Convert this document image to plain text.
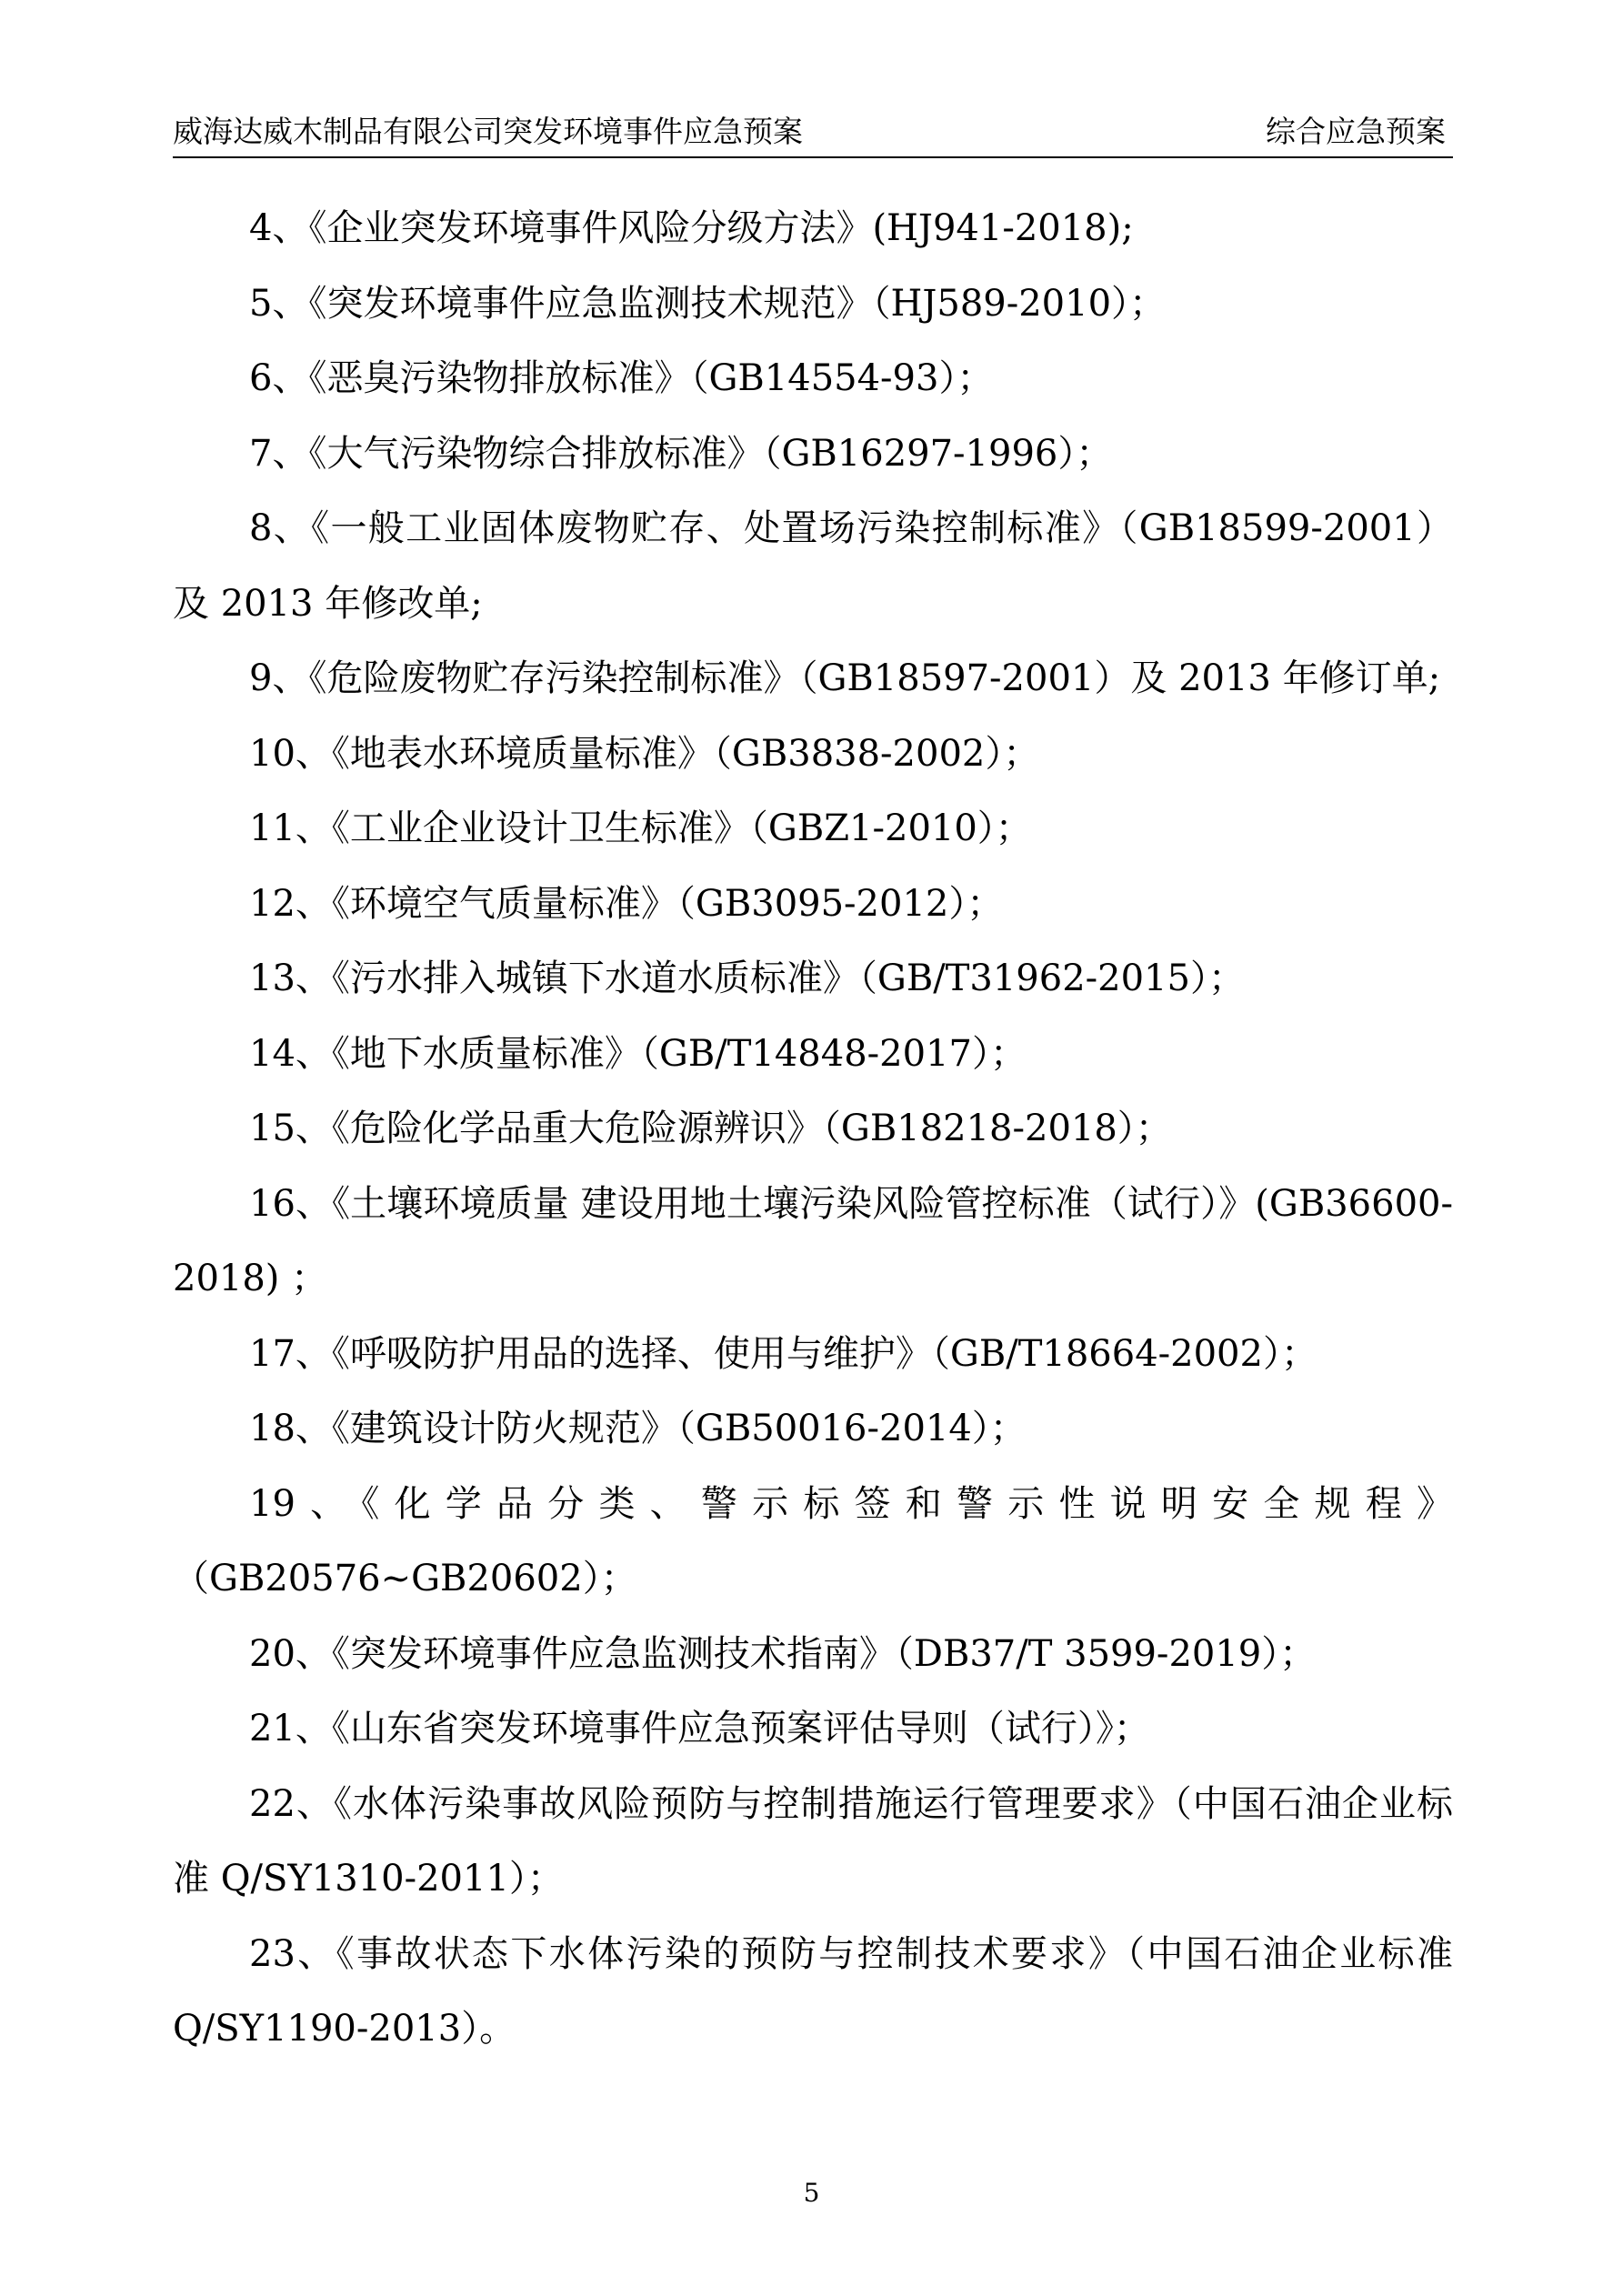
威海达威木制品有限公司突发环境事件应急预案	综合应急预案
4、《企业突发环境事件风险分级方法》(HJ941-2018);
5、《突发环境事件应急监测技术规范》（HJ589-2010）；
6、《恶臭污染物排放标准》（GB14554-93）；
7、《大气污染物综合排放标准》（GB16297-1996）；
8、《一般工业固体废物贮存、处置场污染控制标准》（GB18599-2001）及 2013 年修改单;
9、《危险废物贮存污染控制标准》（GB18597-2001）及 2013 年修订单;
10、《地表水环境质量标准》（GB3838-2002）；
11、《工业企业设计卫生标准》（GBZ1-2010）；
12、《环境空气质量标准》（GB3095-2012）；
13、《污水排入城镇下水道水质标准》（GB/T31962-2015）；
14、《地下水质量标准》（GB/T14848-2017）；
15、《危险化学品重大危险源辨识》（GB18218-2018）；
16、《土壤环境质量 建设用地土壤污染风险管控标准（试行）》(GB36600-2018) ；
17、《呼吸防护用品的选择、使用与维护》（GB/T18664-2002）；
18、《建筑设计防火规范》（GB50016-2014）；
19、《化学品分类、警示标签和警示性说明安全规程》（GB20576~GB20602）；
20、《突发环境事件应急监测技术指南》（DB37/T 3599-2019）；
21、《山东省突发环境事件应急预案评估导则（试行）》；
22、《水体污染事故风险预防与控制措施运行管理要求》（中国石油企业标准 Q/SY1310-2011）；
23、《事故状态下水体污染的预防与控制技术要求》（中国石油企业标准 Q/SY1190-2013）。
5
